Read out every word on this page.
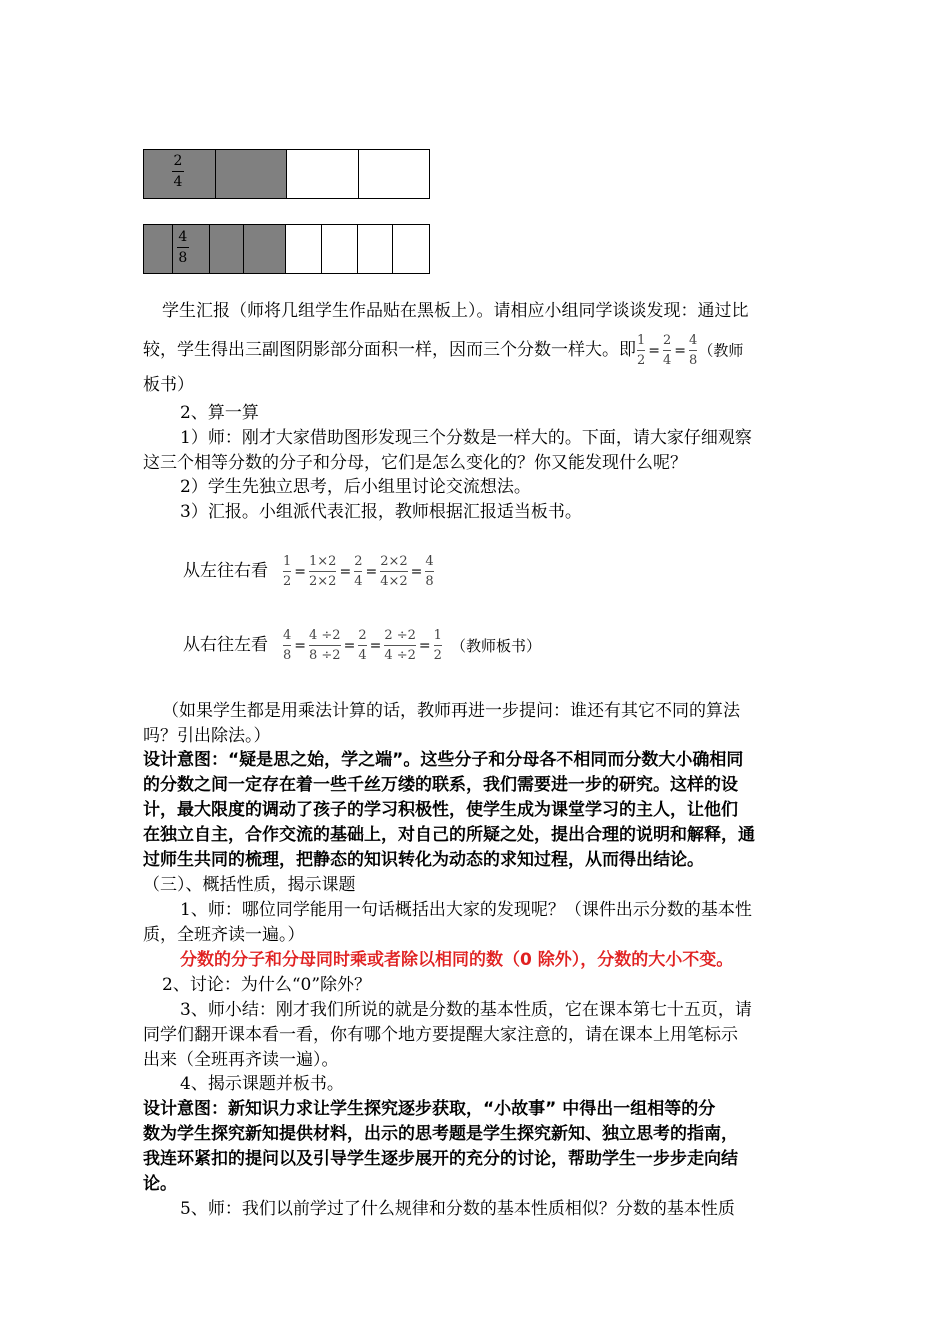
2
4
4
8
学生汇报（师将几组学生作品贴在黑板上）。请相应小组同学谈谈发现：通过比
较，学生得出三副图阴影部分面积一样，因而三个分数一样大。即 $\frac{1}{2} = \frac{2}{4} = \frac{4}{8}$ （教师
板书）
2、算一算
1）师：刚才大家借助图形发现三个分数是一样大的。下面，请大家仔细观察
这三个相等分数的分子和分母，它们是怎么变化的？你又能发现什么呢？
2）学生先独立思考，后小组里讨论交流想法。
3）汇报。小组派代表汇报，教师根据汇报适当板书。
从左往右看 $\frac{1}{2} = \frac{1\times 2}{2\times 2} = \frac{2}{4} = \frac{2\times 2}{4\times 2} = \frac{4}{8}$
从右往左看 $\frac{4}{8} = \frac{4 \div 2}{8 \div 2} = \frac{2}{4} = \frac{2 \div 2}{4 \div 2} = \frac{1}{2}$ （教师板书）
（如果学生都是用乘法计算的话，教师再进一步提问：谁还有其它不同的算法
吗？引出除法。）
设计意图：“疑是思之始，学之端”。这些分子和分母各不相同而分数大小确相同
的分数之间一定存在着一些千丝万缕的联系，我们需要进一步的研究。这样的设
计，最大限度的调动了孩子的学习积极性，使学生成为课堂学习的主人，让他们
在独立自主，合作交流的基础上，对自己的所疑之处，提出合理的说明和解释，通
过师生共同的梳理，把静态的知识转化为动态的求知过程，从而得出结论。
（三）、概括性质，揭示课题
1、师：哪位同学能用一句话概括出大家的发现呢？（课件出示分数的基本性
质，全班齐读一遍。）
分数的分子和分母同时乘或者除以相同的数（0 除外），分数的大小不变。
2、讨论：为什么“0”除外？
3、师小结：刚才我们所说的就是分数的基本性质，它在课本第七十五页，请
同学们翻开课本看一看，你有哪个地方要提醒大家注意的，请在课本上用笔标示
出来（全班再齐读一遍）。
4、揭示课题并板书。
设计意图：新知识力求让学生探究逐步获取，“小故事” 中得出一组相等的分
数为学生探究新知提供材料，出示的思考题是学生探究新知、独立思考的指南，
我连环紧扣的提问以及引导学生逐步展开的充分的讨论，帮助学生一步步走向结
论。
5、师：我们以前学过了什么规律和分数的基本性质相似？分数的基本性质
